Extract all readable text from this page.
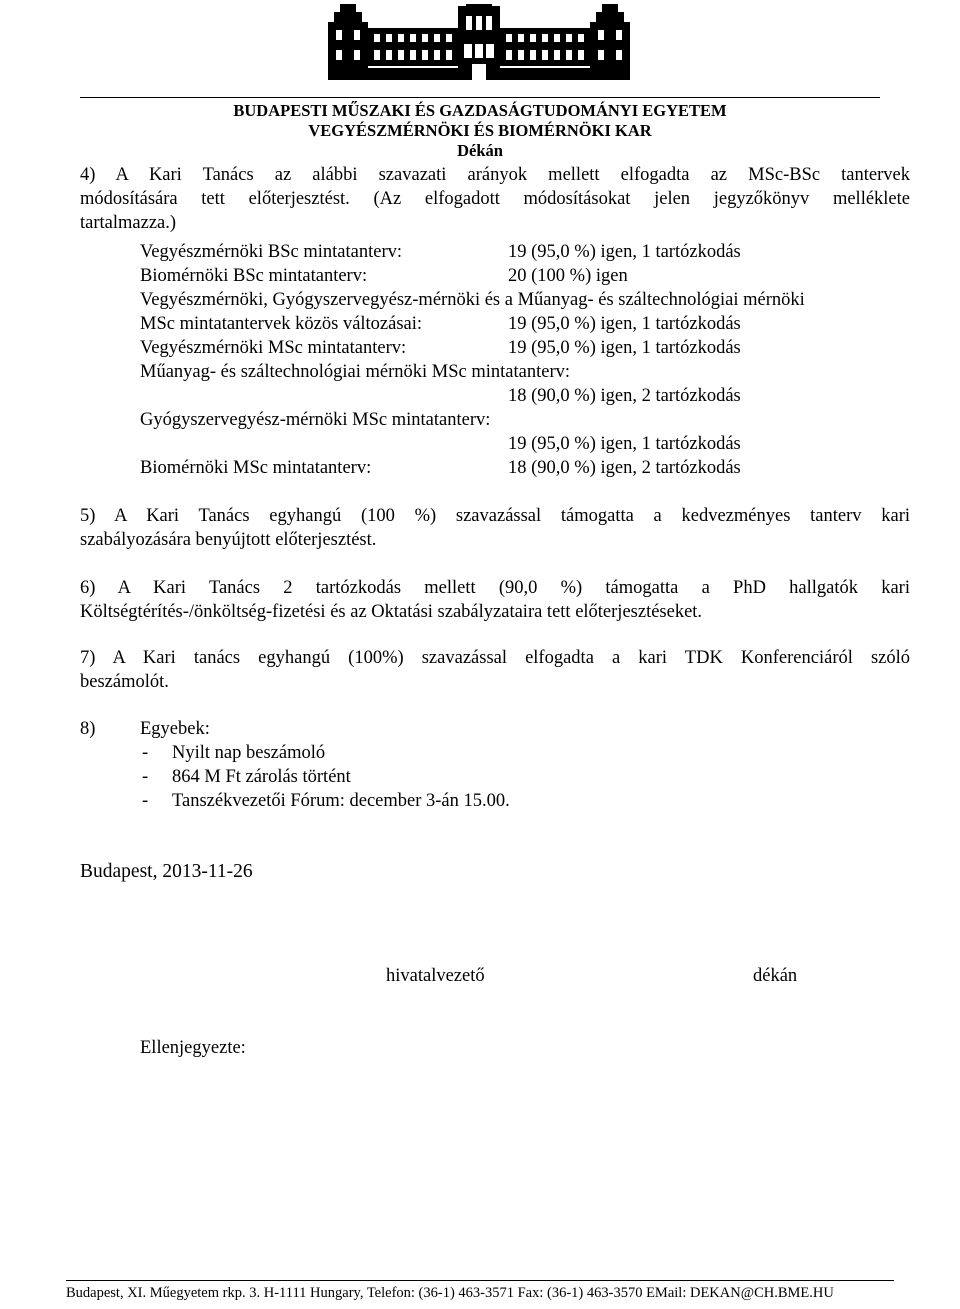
BUDAPESTI MŰSZAKI ÉS GAZDASÁGTUDOMÁNYI EGYETEM
VEGYÉSZMÉRNÖKI ÉS BIOMÉRNÖKI KAR
Dékán
4) A Kari Tanács az alábbi szavazati arányok mellett elfogadta az MSc-BSc tantervek
módosítására tett előterjesztést. (Az elfogadott módosításokat jelen jegyzőkönyv melléklete
tartalmazza.)
Vegyészmérnöki BSc mintatanterv:	19 (95,0 %) igen, 1 tartózkodás
Biomérnöki BSc mintatanterv:	20 (100 %) igen
Vegyészmérnöki, Gyógyszervegyész-mérnöki és a Műanyag- és száltechnológiai mérnöki
MSc mintatantervek közös változásai:	19 (95,0 %) igen, 1 tartózkodás
Vegyészmérnöki MSc mintatanterv:	19 (95,0 %) igen, 1 tartózkodás
Műanyag- és száltechnológiai mérnöki MSc mintatanterv:
18 (90,0 %) igen, 2 tartózkodás
Gyógyszervegyész-mérnöki MSc mintatanterv:
19 (95,0 %) igen, 1 tartózkodás
Biomérnöki MSc mintatanterv:	18 (90,0 %) igen, 2 tartózkodás
5) A Kari Tanács egyhangú (100 %) szavazással támogatta a kedvezményes tanterv kari
szabályozására benyújtott előterjesztést.
6) A Kari Tanács 2 tartózkodás mellett (90,0 %) támogatta a PhD hallgatók kari
Költségtérítés-/önköltség-fizetési és az Oktatási szabályzataira tett előterjesztéseket.
7) A Kari tanács egyhangú (100%) szavazással elfogadta a kari TDK Konferenciáról szóló
beszámolót.
8) Egyebek:
- Nyilt nap beszámoló
- 864 M Ft zárolás történt
- Tanszékvezetői Fórum: december 3-án 15.00.
Budapest, 2013-11-26
hivatalvezető	dékán
Ellenjegyezte:
Budapest, XI. Műegyetem rkp. 3. H-1111 Hungary, Telefon: (36-1) 463-3571 Fax: (36-1) 463-3570 EMail: DEKAN@CH.BME.HU
